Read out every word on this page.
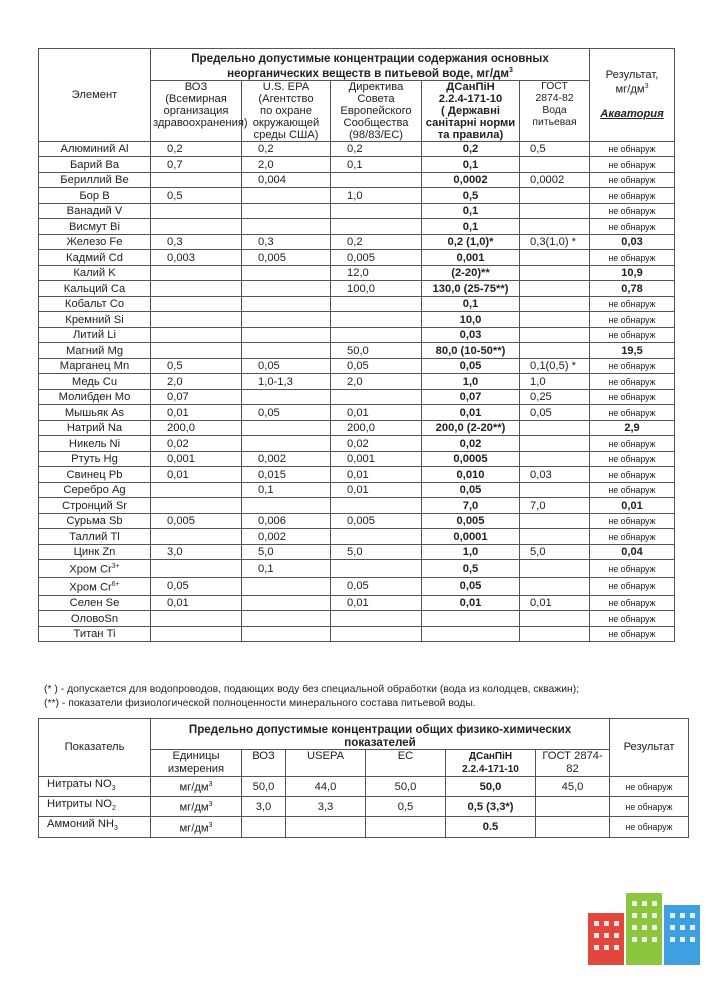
Элемент	Предельно допустимые концентрации содержания основных
неорганических веществ в питьевой воде, $мг/дм^3$					Результат,
$мг/дм^3$

Акватория
	ВОЗ
(Всемирная
организация
здравоохранения)	U.S. EPA
(Агентство
по охране
окружающей
среды США)	Директива
Совета
Европейского
Сообщества
(98/83/ЕС)	ДСанПіН
2.2.4-171-10
( Державні
санітарні норми
та правила)	ГОСТ
2874-82
Вода
питьевая	
Алюминий Al	0,2	0,2	0,2	0,2	0,5	не обнаруж
Барий Ba	0,7	2,0	0,1	0,1		не обнаруж
Бериллий Be		0,004		0,0002	0,0002	не обнаруж
Бор B	0,5		1,0	0,5		не обнаруж
Ванадий V				0,1		не обнаруж
Висмут Bi				0,1		не обнаруж
Железо Fe	0,3	0,3	0,2	0,2 (1,0)*	0,3(1,0) *	0,03
Кадмий Cd	0,003	0,005	0,005	0,001		не обнаруж
Калий K			12,0	(2-20)**		10,9
Кальций Ca			100,0	130,0 (25-75**)		0,78
Кобальт Co				0,1		не обнаруж
Кремний Si				10,0		не обнаруж
Литий Li				0,03		не обнаруж
Магний Mg			50,0	80,0 (10-50**)		19,5
Марганец Mn	0,5	0,05	0,05	0,05	0,1(0,5) *	не обнаруж
Медь Cu	2,0	1,0-1,3	2,0	1,0	1,0	не обнаруж
Молибден Mo	0,07			0,07	0,25	не обнаруж
Мышьяк As	0,01	0,05	0,01	0,01	0,05	не обнаруж
Натрий Na	200,0		200,0	200,0 (2-20**)		2,9
Никель Ni	0,02		0,02	0,02		не обнаруж
Ртуть Hg	0,001	0,002	0,001	0,0005		не обнаруж
Свинец Pb	0,01	0,015	0,01	0,010	0,03	не обнаруж
Серебро Ag		0,1	0,01	0,05		не обнаруж
Стронций Sr				7,0	7,0	0,01
Сурьма Sb	0,005	0,006	0,005	0,005		не обнаруж
Таллий Tl		0,002		0,0001		не обнаруж
Цинк Zn	3,0	5,0	5,0	1,0	5,0	0,04
Хром $Cr^{3+}$		0,1		0,5		не обнаруж
Хром $Cr^{6+}$	0,05		0,05	0,05		не обнаруж
Селен Se	0,01		0,01	0,01	0,01	не обнаруж
ОловоSn						не обнаруж
Титан Ti						не обнаруж
(* ) - допускается для водопроводов, подающих воду без специальной обработки (вода из колодцев, скважин);
(**) - показатели физиологической полноценности минерального состава питьевой воды.
Показатель	Предельно допустимые концентрации общих физико-химических
показателей						Результат
	Единицы
измерения	ВОЗ	USEPA	ЕС	ДСанПіН
2.2.4-171-10	ГОСТ 2874-
82	
Нитраты $NO_3$	$мг/дм^3$	50,0	44,0	50,0	50,0	45,0	не обнаруж
Нитриты $NO_2$	$мг/дм^3$	3,0	3,3	0,5	0,5 (3,3*)		не обнаруж
Аммоний $NH_3$	$мг/дм^3$				0.5		не обнаруж
